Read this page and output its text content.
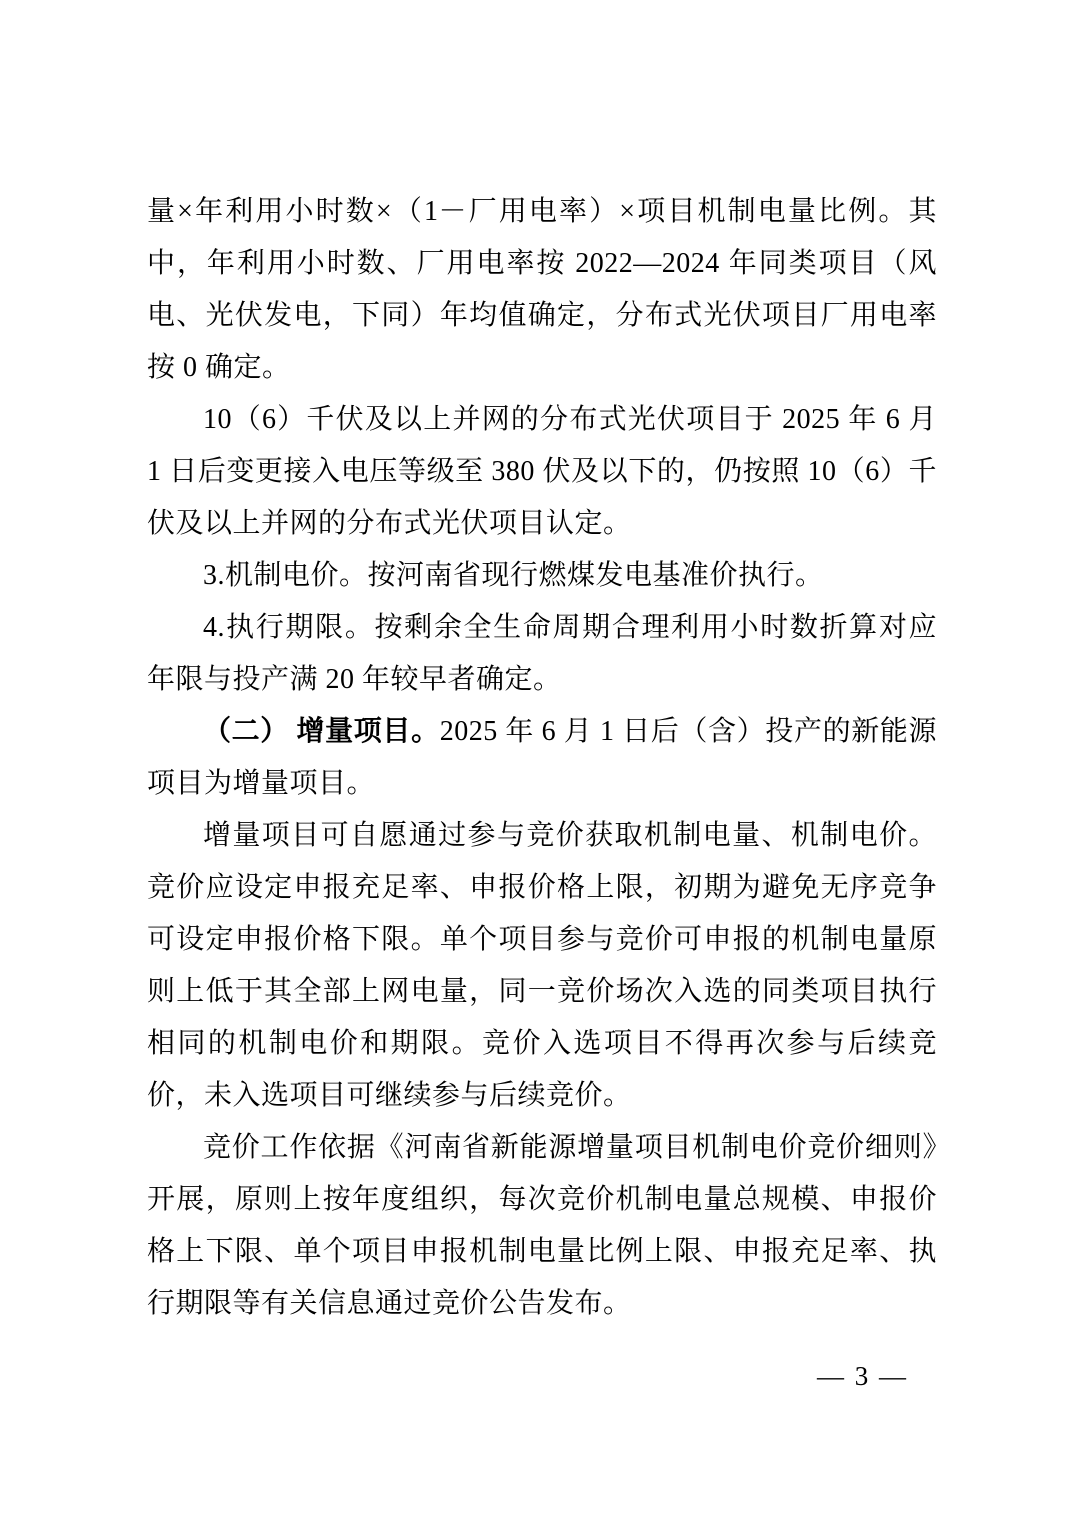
量×年利用小时数×（1－厂用电率）×项目机制电量比例。其中，年利用小时数、厂用电率按 2022—2024 年同类项目（风电、光伏发电，下同）年均值确定，分布式光伏项目厂用电率按 0 确定。

10（6）千伏及以上并网的分布式光伏项目于 2025 年 6 月 1 日后变更接入电压等级至 380 伏及以下的，仍按照 10（6）千伏及以上并网的分布式光伏项目认定。

3.机制电价。按河南省现行燃煤发电基准价执行。

4.执行期限。按剩余全生命周期合理利用小时数折算对应年限与投产满 20 年较早者确定。

（二） 增量项目。2025 年 6 月 1 日后（含）投产的新能源项目为增量项目。

增量项目可自愿通过参与竞价获取机制电量、机制电价。竞价应设定申报充足率、申报价格上限，初期为避免无序竞争可设定申报价格下限。单个项目参与竞价可申报的机制电量原则上低于其全部上网电量，同一竞价场次入选的同类项目执行相同的机制电价和期限。竞价入选项目不得再次参与后续竞价，未入选项目可继续参与后续竞价。

竞价工作依据《河南省新能源增量项目机制电价竞价细则》开展，原则上按年度组织，每次竞价机制电量总规模、申报价格上下限、单个项目申报机制电量比例上限、申报充足率、执行期限等有关信息通过竞价公告发布。

— 3 —
